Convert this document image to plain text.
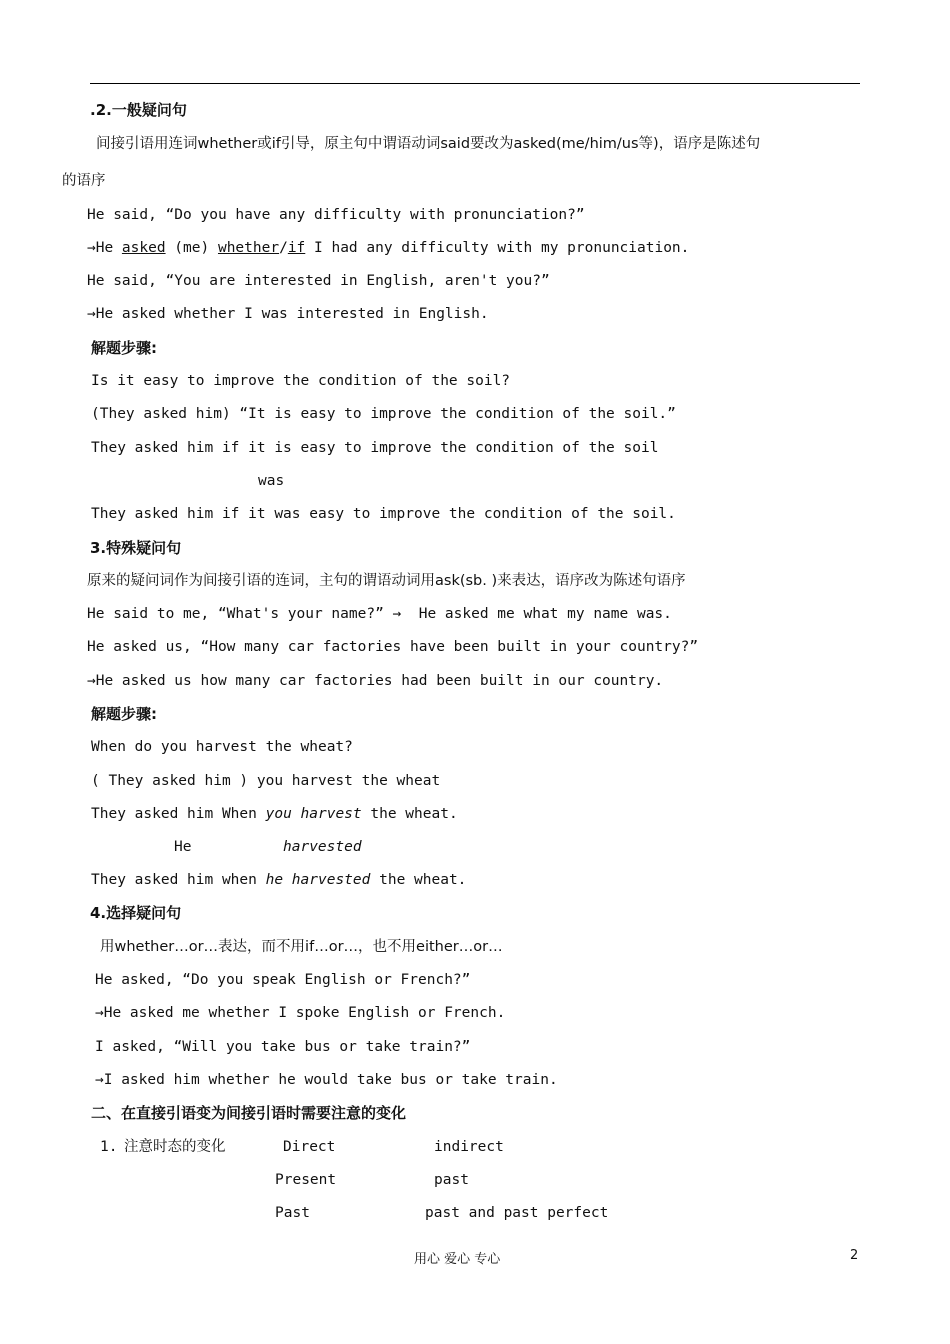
.2.一般疑问句
间接引语用连词whether或if引导，原主句中谓语动词said要改为asked(me/him/us等)，语序是陈述句
的语序
He said, “Do you have any difficulty with pronunciation?”
→He asked (me) whether/if I had any difficulty with my pronunciation.
He said, “You are interested in English, aren't you?”
→He asked whether I was interested in English.
解题步骤:
Is it easy to improve the condition of the soil?
(They asked him) “It is easy to improve the condition of the soil.”
They asked him if it is easy to improve the condition of the soil
was
They asked him if it was easy to improve the condition of the soil.
3.特殊疑问句
原来的疑问词作为间接引语的连词，主句的谓语动词用ask(sb. )来表达，语序改为陈述句语序
He said to me, “What's your name?” →  He asked me what my name was.
He asked us, “How many car factories have been built in your country?”
→He asked us how many car factories had been built in our country.
解题步骤:
When do you harvest the wheat?
( They asked him ) you harvest the wheat
They asked him When you harvest the wheat.
He	harvested
They asked him when he harvested the wheat.
4.选择疑问句
用whether…or…表达，而不用if…or…，也不用either…or…
He asked, “Do you speak English or French?”
→He asked me whether I spoke English or French.
I asked, “Will you take bus or take train?”
→I asked him whether he would take bus or take train.
二、在直接引语变为间接引语时需要注意的变化
1. 注意时态的变化	Direct	indirect
Present	past
Past	past and past perfect
用心 爱心 专心	2
